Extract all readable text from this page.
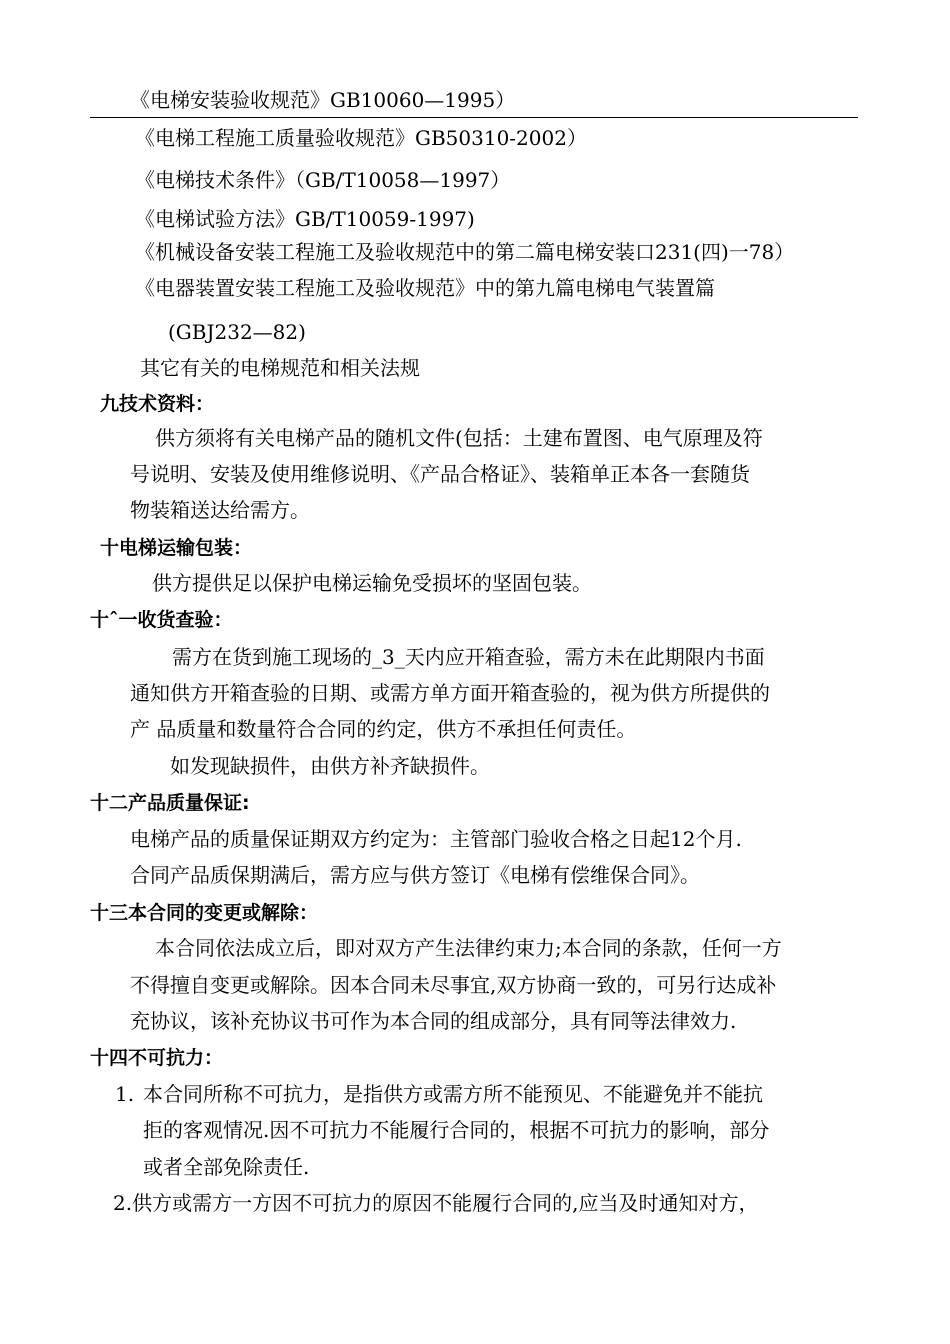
《电梯安装验收规范》GB10060—1995）
《电梯工程施工质量验收规范》GB50310-2002）
《电梯技术条件》（GB/T10058—1997）
《电梯试验方法》GB/T10059-1997)
《机械设备安装工程施工及验收规范中的第二篇电梯安装口231(四)一78）
《电器装置安装工程施工及验收规范》中的第九篇电梯电气装置篇
(GBJ232—82)
其它有关的电梯规范和相关法规
九技术资料：
供方须将有关电梯产品的随机文件(包括：土建布置图、电气原理及符
号说明、安装及使用维修说明、《产品合格证》、装箱单正本各一套随货
物装箱送达给需方。
十电梯运输包装：
供方提供足以保护电梯运输免受损坏的坚固包装。
十ˆ一收货查验：
需方在货到施工现场的_3_天内应开箱查验，需方未在此期限内书面
通知供方开箱查验的日期、或需方单方面开箱查验的，视为供方所提供的
产 品质量和数量符合合同的约定，供方不承担任何责任。
如发现缺损件，由供方补齐缺损件。
十二产品质量保证:
电梯产品的质量保证期双方约定为：主管部门验收合格之日起12个月.
合同产品质保期满后，需方应与供方签订《电梯有偿维保合同》。
十三本合同的变更或解除：
本合同依法成立后，即对双方产生法律约束力;本合同的条款，任何一方
不得擅自变更或解除。因本合同未尽事宜,双方协商一致的，可另行达成补
充协议，该补充协议书可作为本合同的组成部分，具有同等法律效力.
十四不可抗力：
1. 本合同所称不可抗力，是指供方或需方所不能预见、不能避免并不能抗
拒的客观情况.因不可抗力不能履行合同的，根据不可抗力的影响，部分
或者全部免除责任.
2.供方或需方一方因不可抗力的原因不能履行合同的,应当及时通知对方，
